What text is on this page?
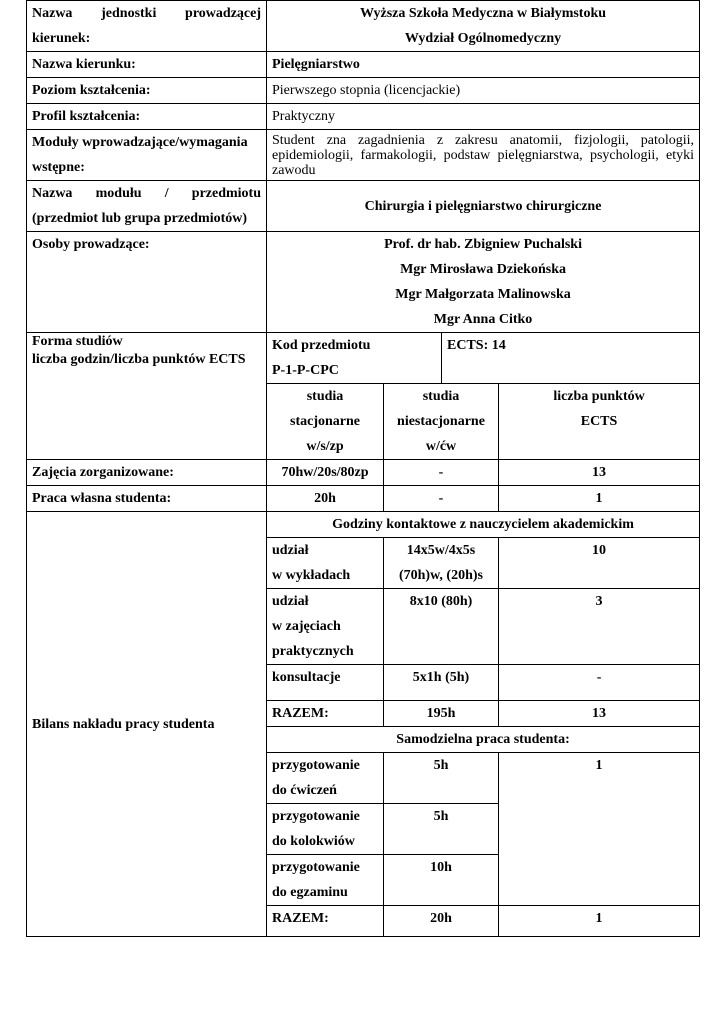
Nazwa jednostki prowadzącej
kierunek:	Wyższa Szkoła Medyczna w Białymstoku
Wydział Ogólnomedyczny			

Nazwa kierunku:	Pielęgniarstwo			
Poziom kształcenia:	Pierwszego stopnia (licencjackie)			
Profil kształcenia:	Praktyczny			

Moduły wprowadzające/wymagania
wstępne:	Student zna zagadnienia z zakresu anatomii, fizjologii, patologii,
epidemiologii, farmakologii, podstaw pielęgniarstwa, psychologii, etyki
zawodu			

Nazwa modułu / przedmiotu
(przedmiot lub grupa przedmiotów)	Chirurgia i pielęgniarstwo chirurgiczne			
Osoby prowadzące:	Prof. dr hab. Zbigniew Puchalski
Mgr Mirosława Dziekońska
Mgr Małgorzata Malinowska
Mgr Anna Citko			

Forma studiów
liczba godzin/liczba punktów ECTS	Kod przedmiotu
P-1-P-CPC		ECTS: 14	

	studia
stacjonarne
w/s/zp	studia
niestacjonarne
w/ćw		liczba punktów
ECTS

Zajęcia zorganizowane:	70hw/20s/80zp	-		13
Praca własna studenta:	20h	-		1
Bilans nakładu pracy studenta	Godziny kontaktowe z nauczycielem akademickim			

	udział
w wykładach	14x5w/4x5s
(70h)w, (20h)s		10

	udział
w zajęciach
praktycznych	8x10 (80h)		3
	konsultacje	5x1h (5h)		-
	RAZEM:	195h		13
	Samodzielna praca studenta:			

	przygotowanie
do ćwiczeń	5h		1

	przygotowanie
do kolokwiów	5h		

	przygotowanie
do egzaminu	10h		
	RAZEM:	20h		1
